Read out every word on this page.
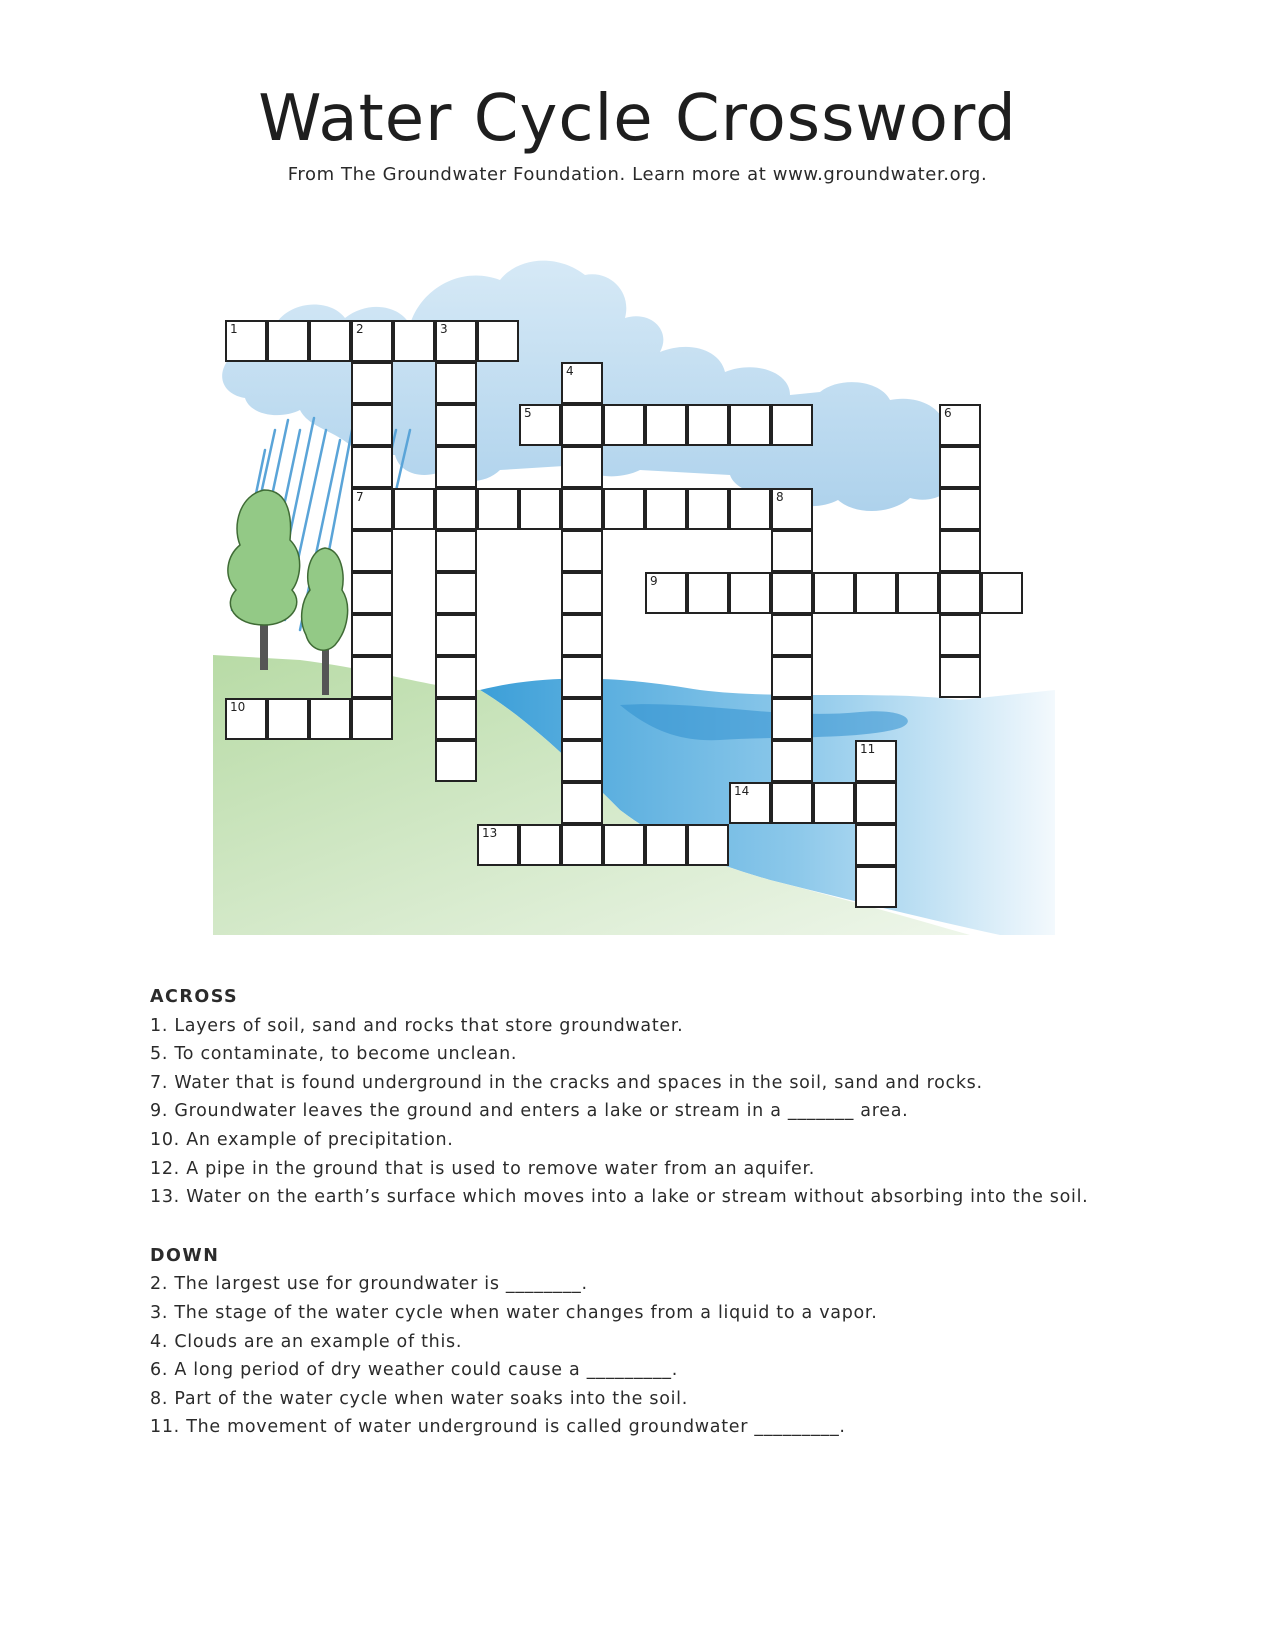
Water Cycle Crossword
From The Groundwater Foundation. Learn more at www.groundwater.org.
1	2	3
7
4
5	6
8
9
10
11
13
14
ACROSS
1. Layers of soil, sand and rocks that store groundwater.
5. To contaminate, to become unclean.
7. Water that is found underground in the cracks and spaces in the soil, sand and rocks.
9. Groundwater leaves the ground and enters a lake or stream in a _______ area.
10. An example of precipitation.
12. A pipe in the ground that is used to remove water from an aquifer.
13. Water on the earth’s surface which moves into a lake or stream without absorbing into the soil.
DOWN
2. The largest use for groundwater is ________.
3. The stage of the water cycle when water changes from a liquid to a vapor.
4. Clouds are an example of this.
6. A long period of dry weather could cause a _________.
8. Part of the water cycle when water soaks into the soil.
11. The movement of water underground is called groundwater _________.
